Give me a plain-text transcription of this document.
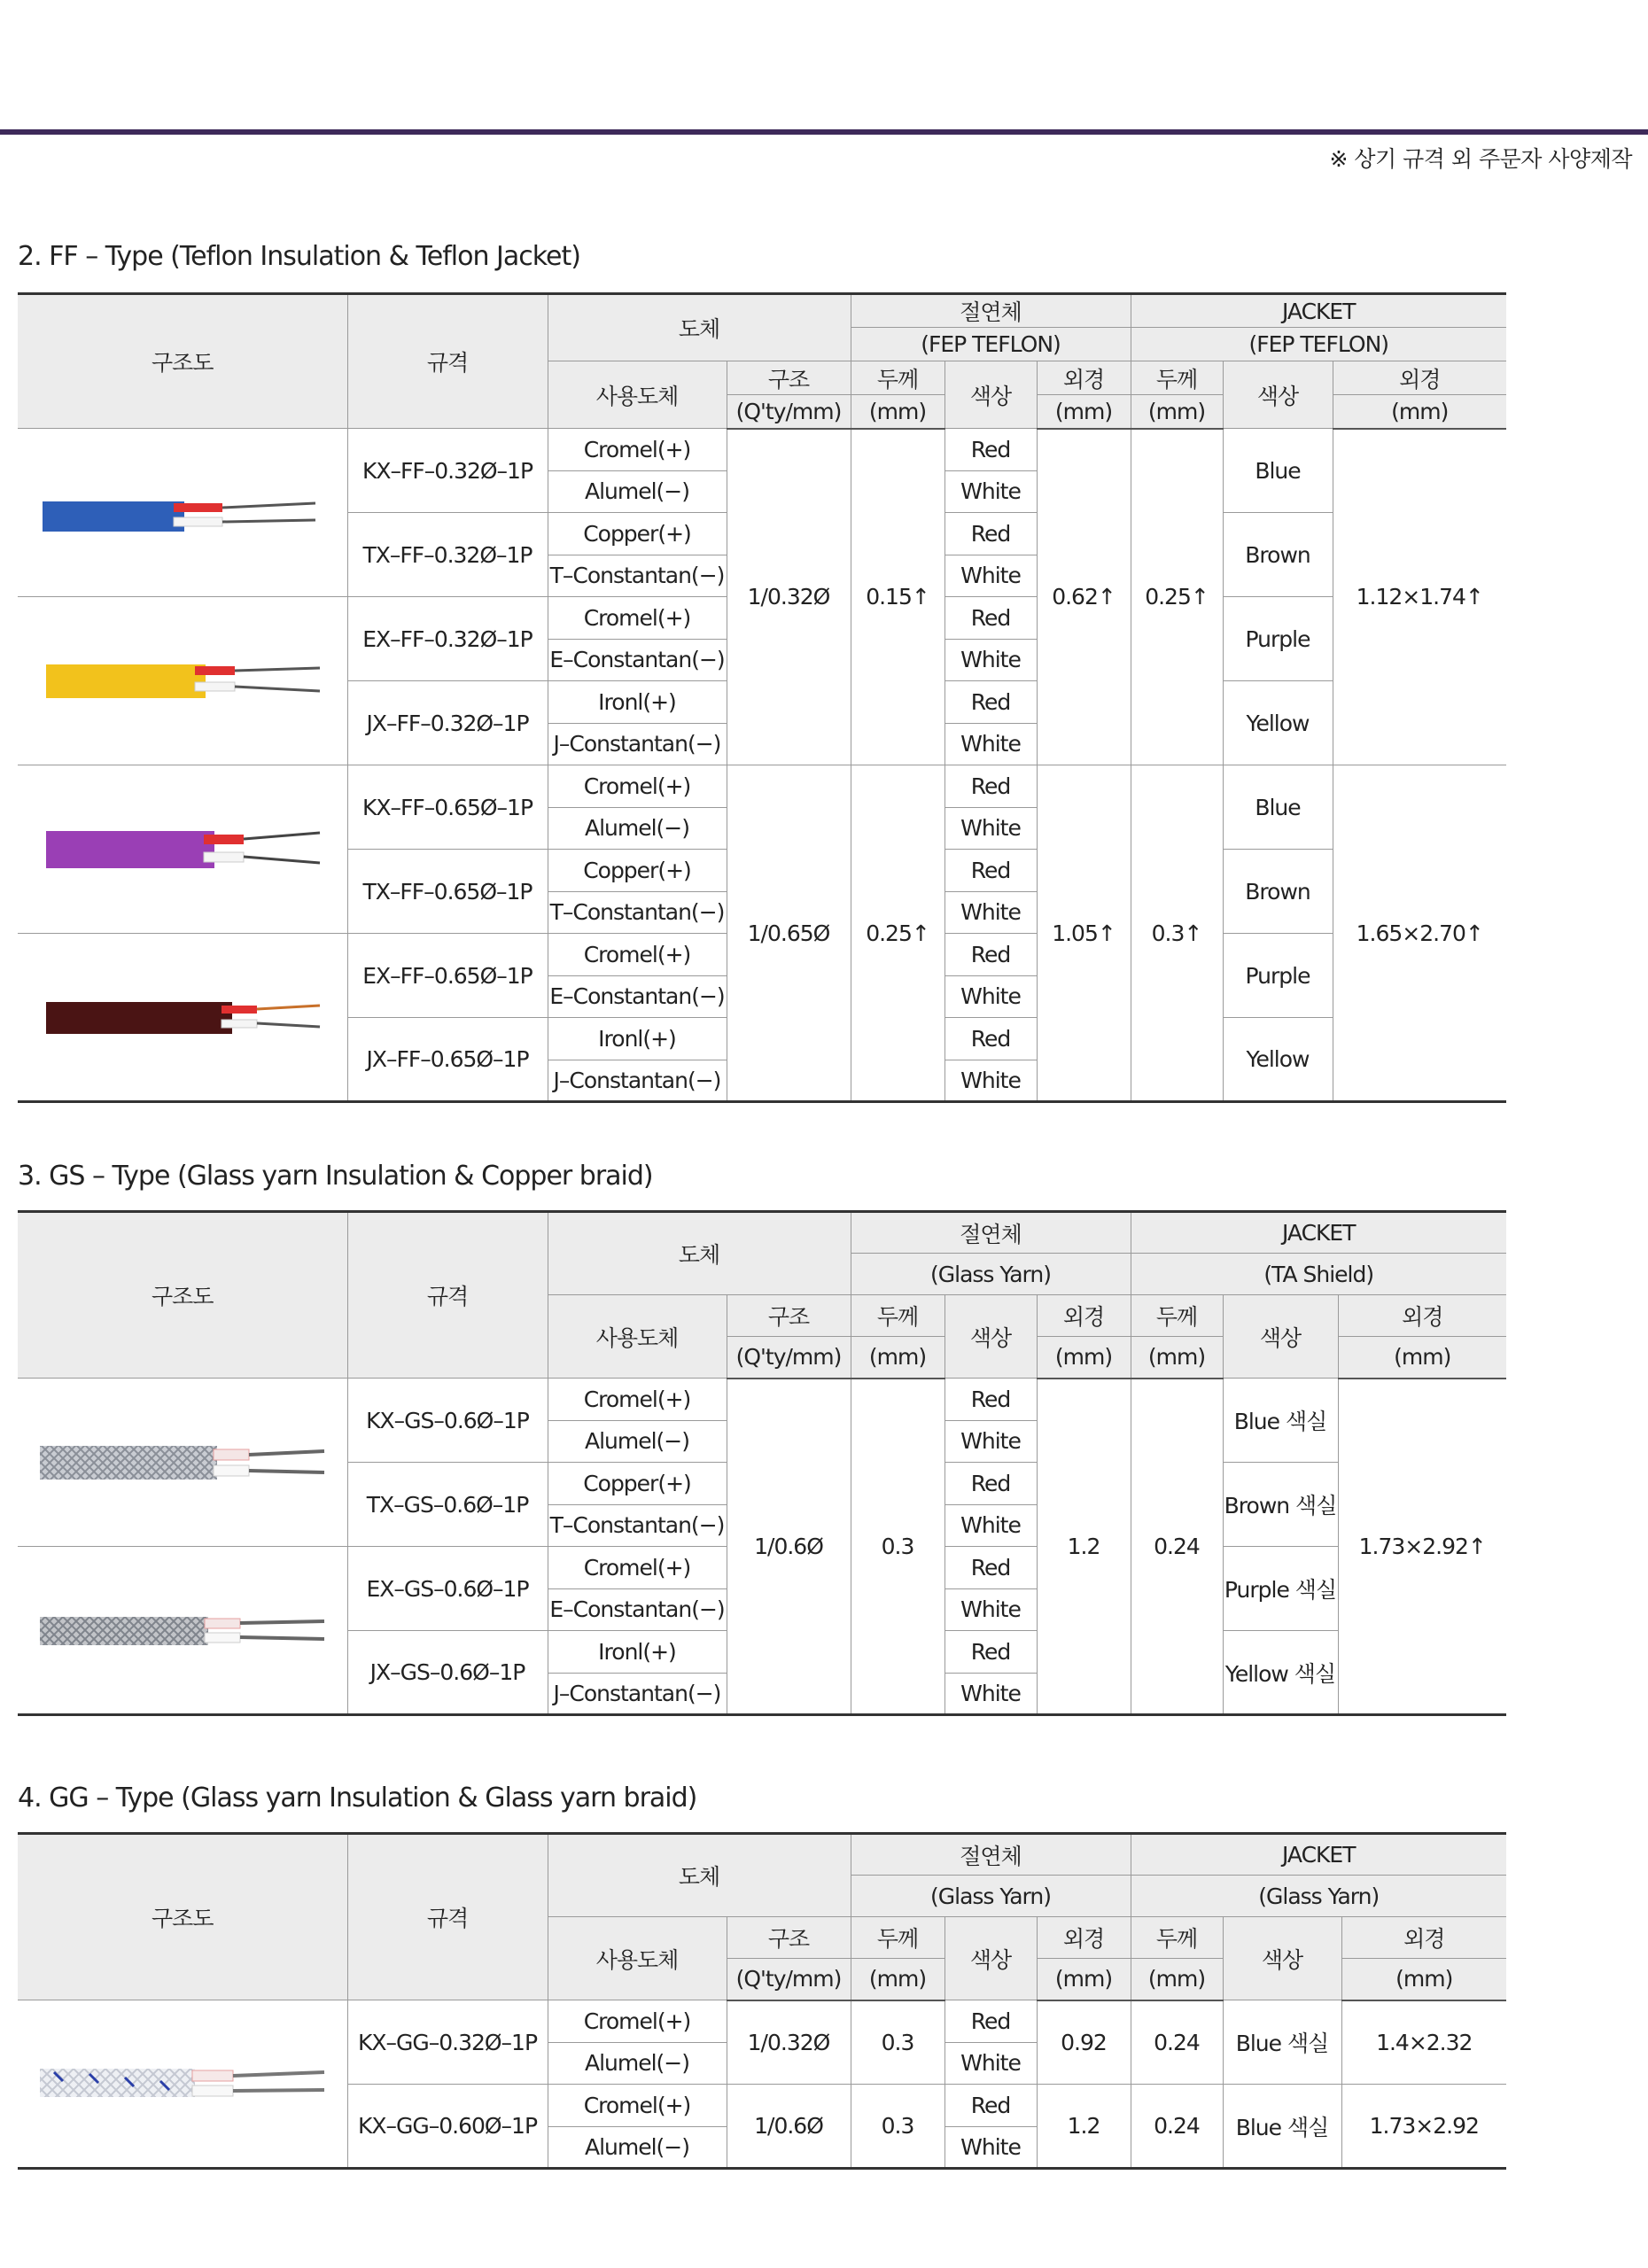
※ 상기 규격 외 주문자 사양제작
2. FF – Type (Teflon Insulation & Teflon Jacket)
구조도	규격	도체		절연체			JACKET		
				(FEP TEFLON)			(FEP TEFLON)		
		사용도체	구조	두께	색상	외경	두께	색상	외경
			(Q'ty/mm)	(mm)		(mm)	(mm)		(mm)

	KX–FF–0.32Ø–1P	Cromel(+)	1/0.32Ø	0.15↑	Red	0.62↑	0.25↑	Blue	1.12×1.74↑
		Alumel(−)			White				
	TX–FF–0.32Ø–1P	Copper(+)			Red			Brown	
		T–Constantan(−)			White				

	EX–FF–0.32Ø–1P	Cromel(+)			Red			Purple	
		E–Constantan(−)			White				
	JX–FF–0.32Ø–1P	Ironl(+)			Red			Yellow	
		J–Constantan(−)			White				

	KX–FF–0.65Ø–1P	Cromel(+)	1/0.65Ø	0.25↑	Red	1.05↑	0.3↑	Blue	1.65×2.70↑
		Alumel(−)			White				
	TX–FF–0.65Ø–1P	Copper(+)			Red			Brown	
		T–Constantan(−)			White				

	EX–FF–0.65Ø–1P	Cromel(+)			Red			Purple	
		E–Constantan(−)			White				
	JX–FF–0.65Ø–1P	Ironl(+)			Red			Yellow	
		J–Constantan(−)			White				
3. GS – Type (Glass yarn Insulation & Copper braid)
구조도	규격	도체		절연체			JACKET		
				(Glass Yarn)			(TA Shield)		
		사용도체	구조	두께	색상	외경	두께	색상	외경
			(Q'ty/mm)	(mm)		(mm)	(mm)		(mm)

	KX–GS–0.6Ø–1P	Cromel(+)	1/0.6Ø	0.3	Red	1.2	0.24	Blue 색실	1.73×2.92↑
		Alumel(−)			White				
	TX–GS–0.6Ø–1P	Copper(+)			Red			Brown 색실	
		T–Constantan(−)			White				

	EX–GS–0.6Ø–1P	Cromel(+)			Red			Purple 색실	
		E–Constantan(−)			White				
	JX–GS–0.6Ø–1P	Ironl(+)			Red			Yellow 색실	
		J–Constantan(−)			White				
4. GG – Type (Glass yarn Insulation & Glass yarn braid)
구조도	규격	도체		절연체			JACKET		
				(Glass Yarn)			(Glass Yarn)		
		사용도체	구조	두께	색상	외경	두께	색상	외경
			(Q'ty/mm)	(mm)		(mm)	(mm)		(mm)

	KX–GG–0.32Ø–1P	Cromel(+)	1/0.32Ø	0.3	Red	0.92	0.24	Blue 색실	1.4×2.32
		Alumel(−)			White				
	KX–GG–0.60Ø–1P	Cromel(+)	1/0.6Ø	0.3	Red	1.2	0.24	Blue 색실	1.73×2.92
		Alumel(−)			White				
